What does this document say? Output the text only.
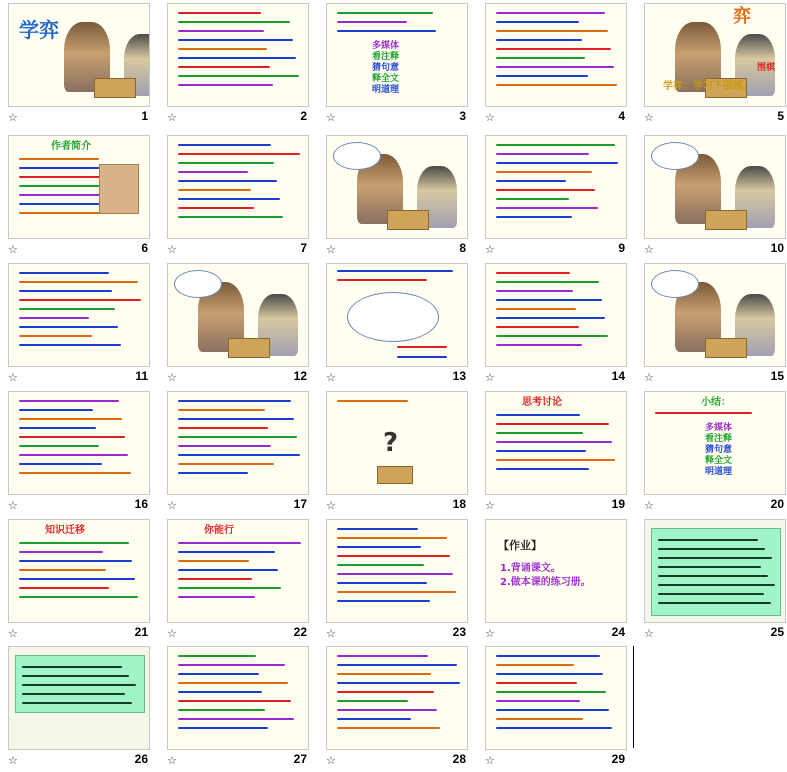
学弈
☆	1 ☆	2
多媒体
看注释
猜句意
释全文
明道理
☆	3 ☆	4
学弈：学习下围棋。
弈
围棋
☆	5
作者简介
☆	6 ☆	7 ☆	8 ☆	9 ☆	10
☆	11 ☆	12 ☆	13 ☆	14 ☆	15
☆	16 ☆	17
?
☆	18
思考讨论
☆	19
小结：
多媒体
看注释
猜句意
释全文
明道理
☆	20
知识迁移
☆	21
你能行
☆	22 ☆	23
【作业】
1.背诵课文。
2.做本课的练习册。
☆	24 ☆	25
☆	26 ☆	27 ☆	28 ☆	29
